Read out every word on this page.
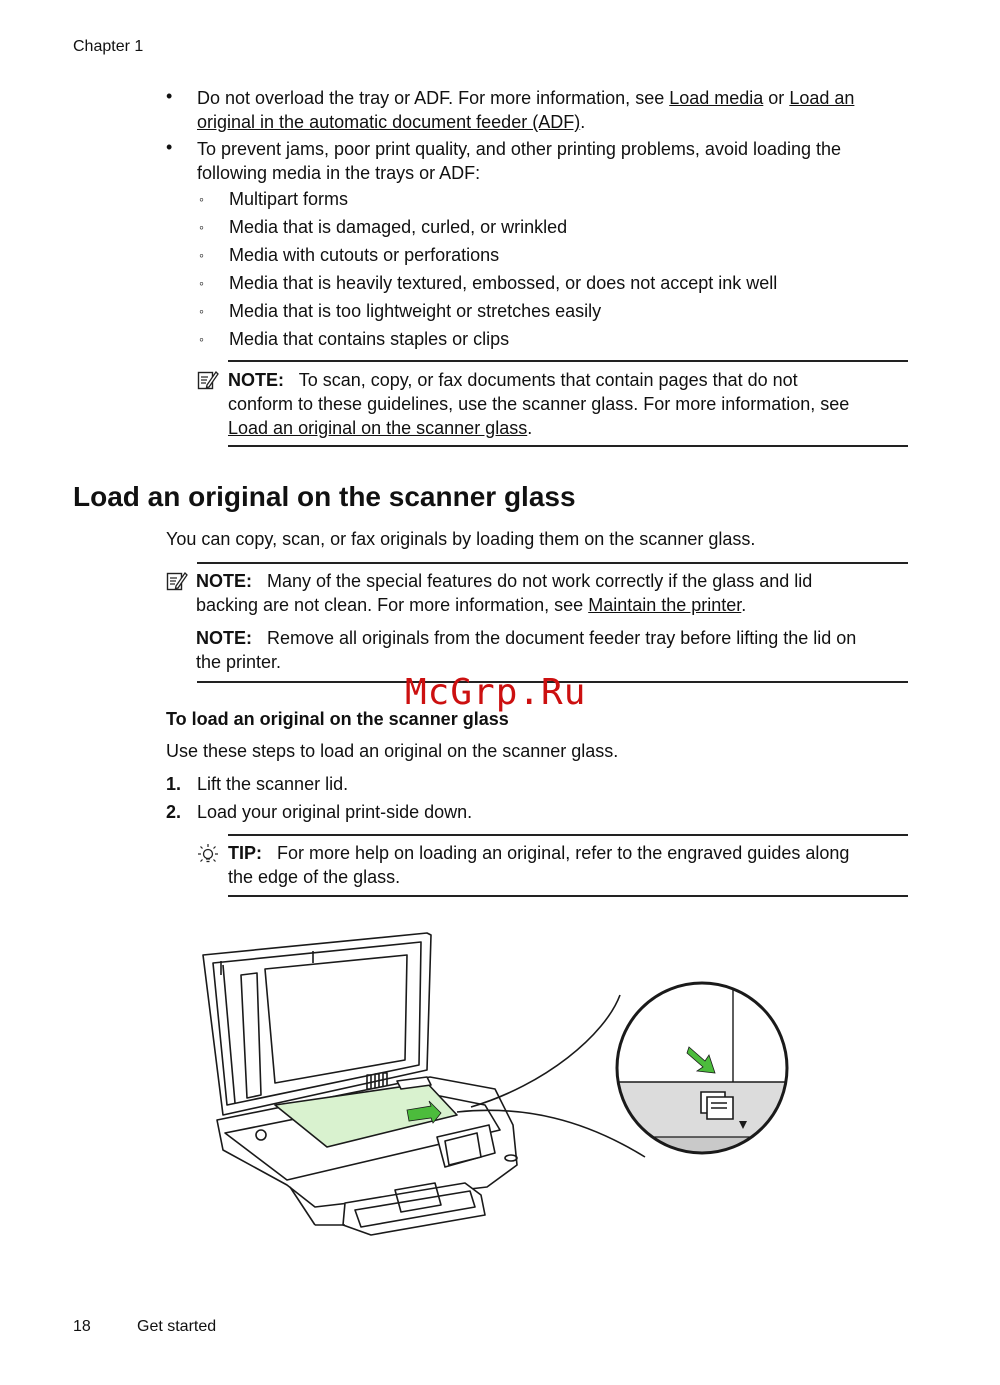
Chapter 1
•	Do not overload the tray or ADF. For more information, see Load media or Load an
original in the automatic document feeder (ADF).
•	To prevent jams, poor print quality, and other printing problems, avoid loading the
following media in the trays or ADF:
◦ Multipart forms
◦ Media that is damaged, curled, or wrinkled
◦ Media with cutouts or perforations
◦ Media that is heavily textured, embossed, or does not accept ink well
◦ Media that is too lightweight or stretches easily
◦ Media that contains staples or clips
NOTE: To scan, copy, or fax documents that contain pages that do not
conform to these guidelines, use the scanner glass. For more information, see
Load an original on the scanner glass.
Load an original on the scanner glass
You can copy, scan, or fax originals by loading them on the scanner glass.
NOTE: Many of the special features do not work correctly if the glass and lid
backing are not clean. For more information, see Maintain the printer.
NOTE: Remove all originals from the document feeder tray before lifting the lid on
the printer.
McGrp.Ru
To load an original on the scanner glass
Use these steps to load an original on the scanner glass.
1. Lift the scanner lid.
2. Load your original print-side down.
TIP: For more help on loading an original, refer to the engraved guides along
the edge of the glass.
18	Get started
